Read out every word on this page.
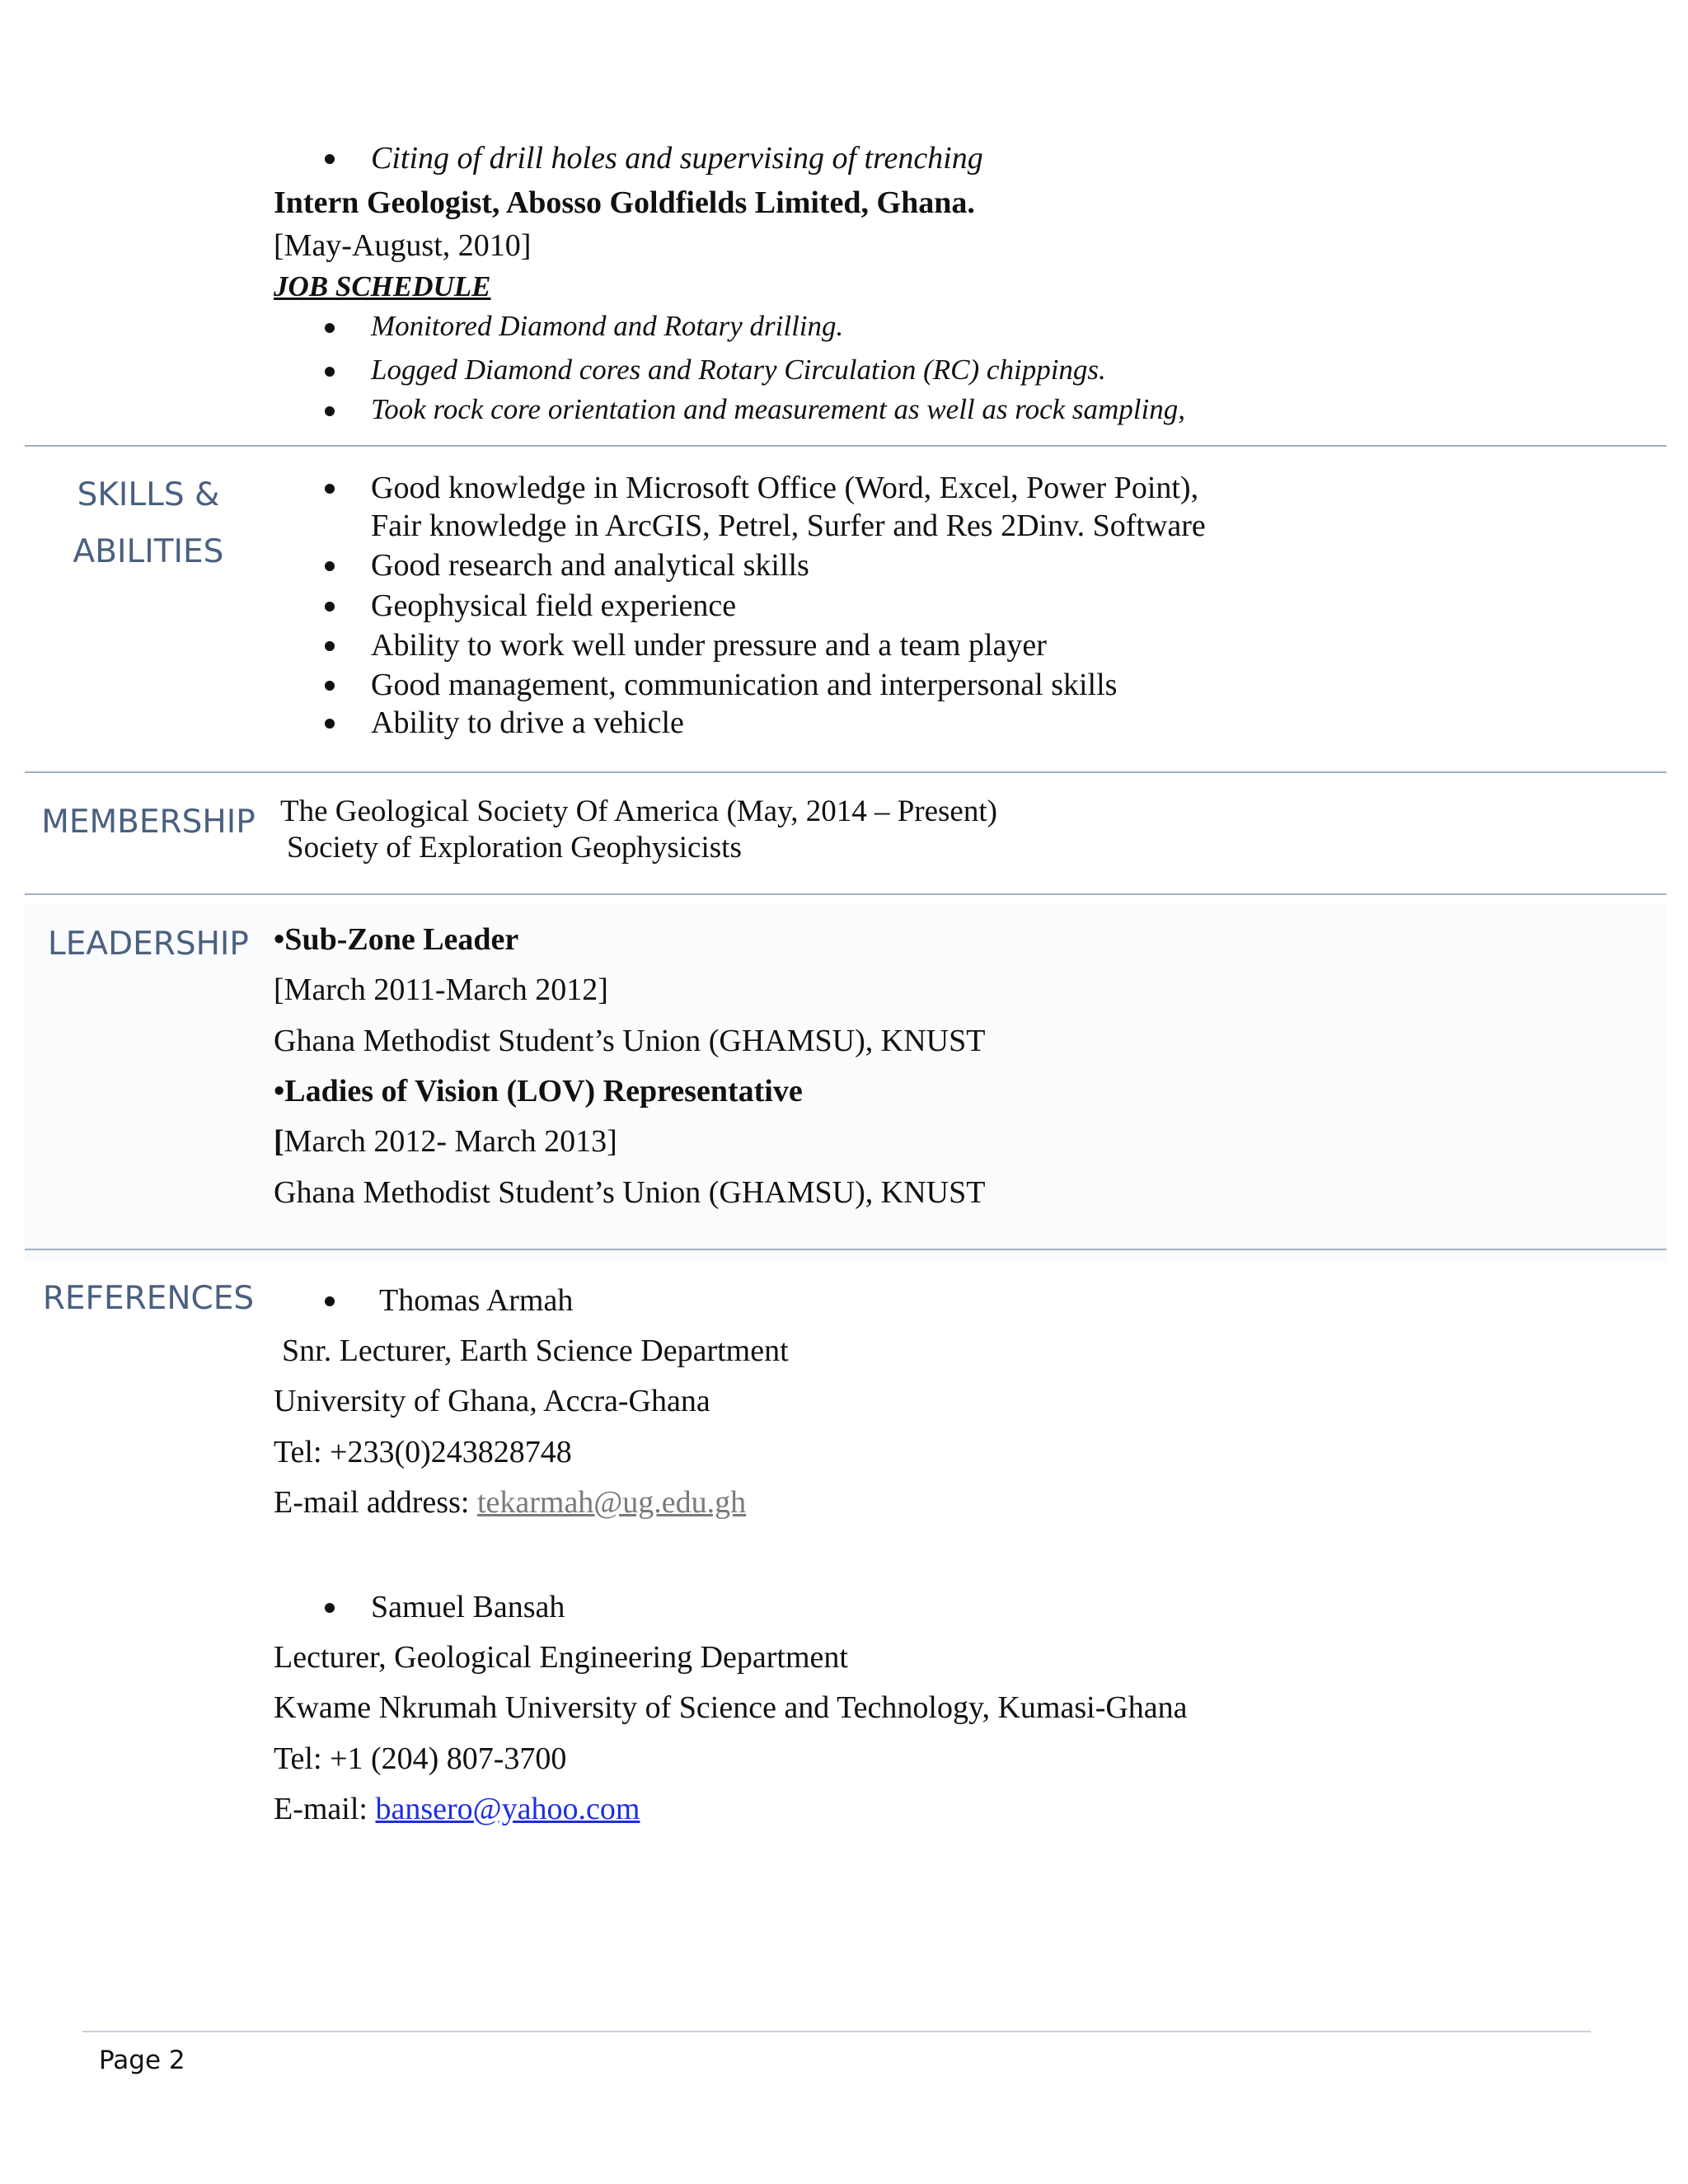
Citing of drill holes and supervising of trenching
Intern Geologist, Abosso Goldfields Limited, Ghana.
[May-August, 2010]
JOB SCHEDULE
Monitored Diamond and Rotary drilling.
Logged Diamond cores and Rotary Circulation (RC) chippings.
Took rock core orientation and measurement as well as rock sampling,
SKILLS &
ABILITIES
Good knowledge in Microsoft Office (Word, Excel, Power Point),
Fair knowledge in ArcGIS, Petrel, Surfer and Res 2Dinv. Software
Good research and analytical skills
Geophysical field experience
Ability to work well under pressure and a team player
Good management, communication and interpersonal skills
Ability to drive a vehicle
MEMBERSHIP The Geological Society Of America (May, 2014 – Present)
Society of Exploration Geophysicists
LEADERSHIP •Sub-Zone Leader
[March 2011-March 2012]
Ghana Methodist Student’s Union (GHAMSU), KNUST
•Ladies of Vision (LOV) Representative
[March 2012- March 2013]
Ghana Methodist Student’s Union (GHAMSU), KNUST
REFERENCES	Thomas Armah
Snr. Lecturer, Earth Science Department
University of Ghana, Accra-Ghana
Tel: +233(0)243828748
E-mail address: tekarmah@ug.edu.gh
Samuel Bansah
Lecturer, Geological Engineering Department
Kwame Nkrumah University of Science and Technology, Kumasi-Ghana
Tel: +1 (204) 807-3700
E-mail: bansero@yahoo.com
Page 2
